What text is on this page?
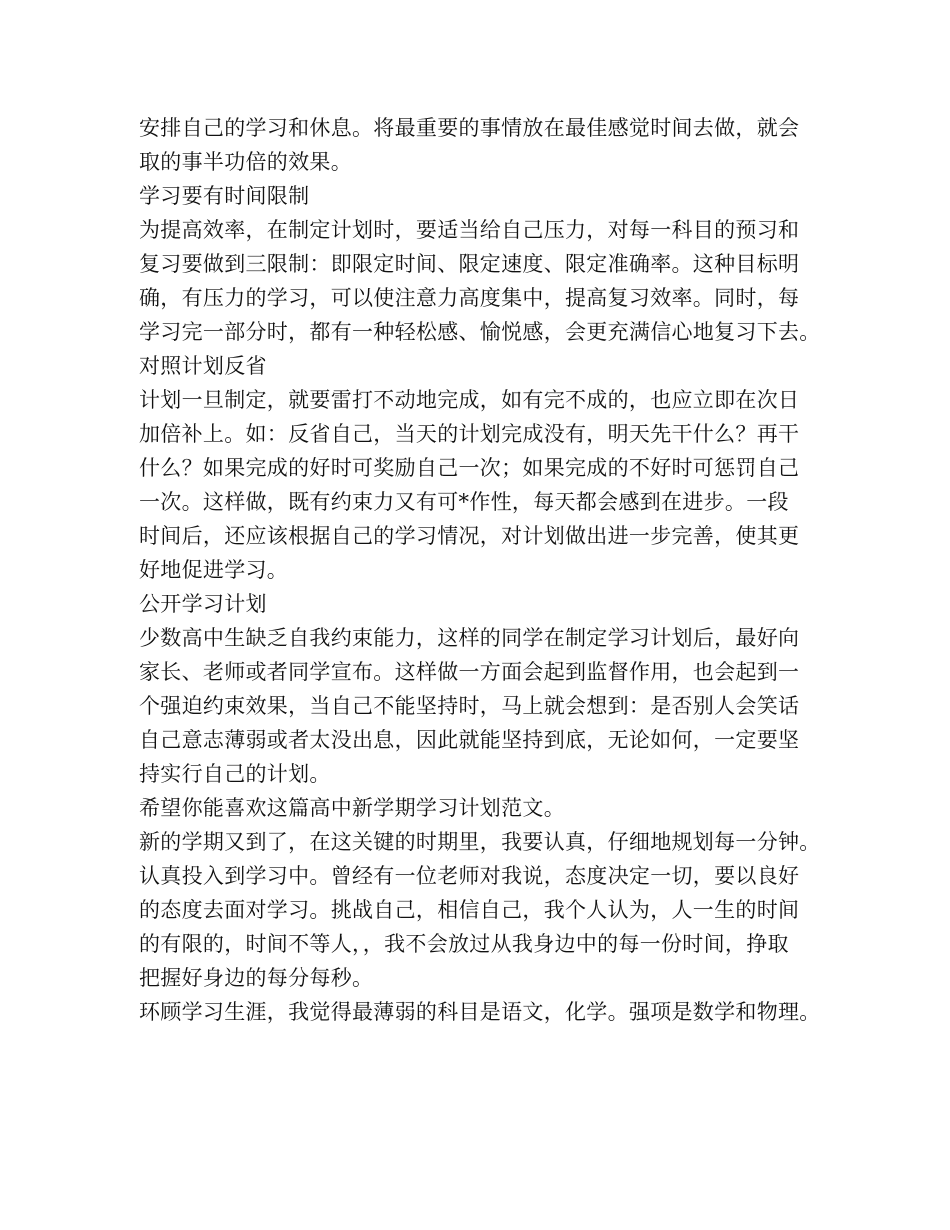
安排自己的学习和休息。将最重要的事情放在最佳感觉时间去做，就会
取的事半功倍的效果。
学习要有时间限制
为提高效率，在制定计划时，要适当给自己压力，对每一科目的预习和
复习要做到三限制：即限定时间、限定速度、限定准确率。这种目标明
确，有压力的学习，可以使注意力高度集中，提高复习效率。同时，每
学习完一部分时，都有一种轻松感、愉悦感，会更充满信心地复习下去。
对照计划反省
计划一旦制定，就要雷打不动地完成，如有完不成的，也应立即在次日
加倍补上。如：反省自己，当天的计划完成没有，明天先干什么？再干
什么？如果完成的好时可奖励自己一次；如果完成的不好时可惩罚自己
一次。这样做，既有约束力又有可*作性，每天都会感到在进步。一段
时间后，还应该根据自己的学习情况，对计划做出进一步完善，使其更
好地促进学习。
公开学习计划
少数高中生缺乏自我约束能力，这样的同学在制定学习计划后，最好向
家长、老师或者同学宣布。这样做一方面会起到监督作用，也会起到一
个强迫约束效果，当自己不能坚持时，马上就会想到：是否别人会笑话
自己意志薄弱或者太没出息，因此就能坚持到底，无论如何，一定要坚
持实行自己的计划。
希望你能喜欢这篇高中新学期学习计划范文。
新的学期又到了，在这关键的时期里，我要认真，仔细地规划每一分钟。
认真投入到学习中。曾经有一位老师对我说，态度决定一切，要以良好
的态度去面对学习。挑战自己，相信自己，我个人认为，人一生的时间
的有限的，时间不等人，，我不会放过从我身边中的每一份时间，挣取
把握好身边的每分每秒。
环顾学习生涯，我觉得最薄弱的科目是语文，化学。强项是数学和物理。
